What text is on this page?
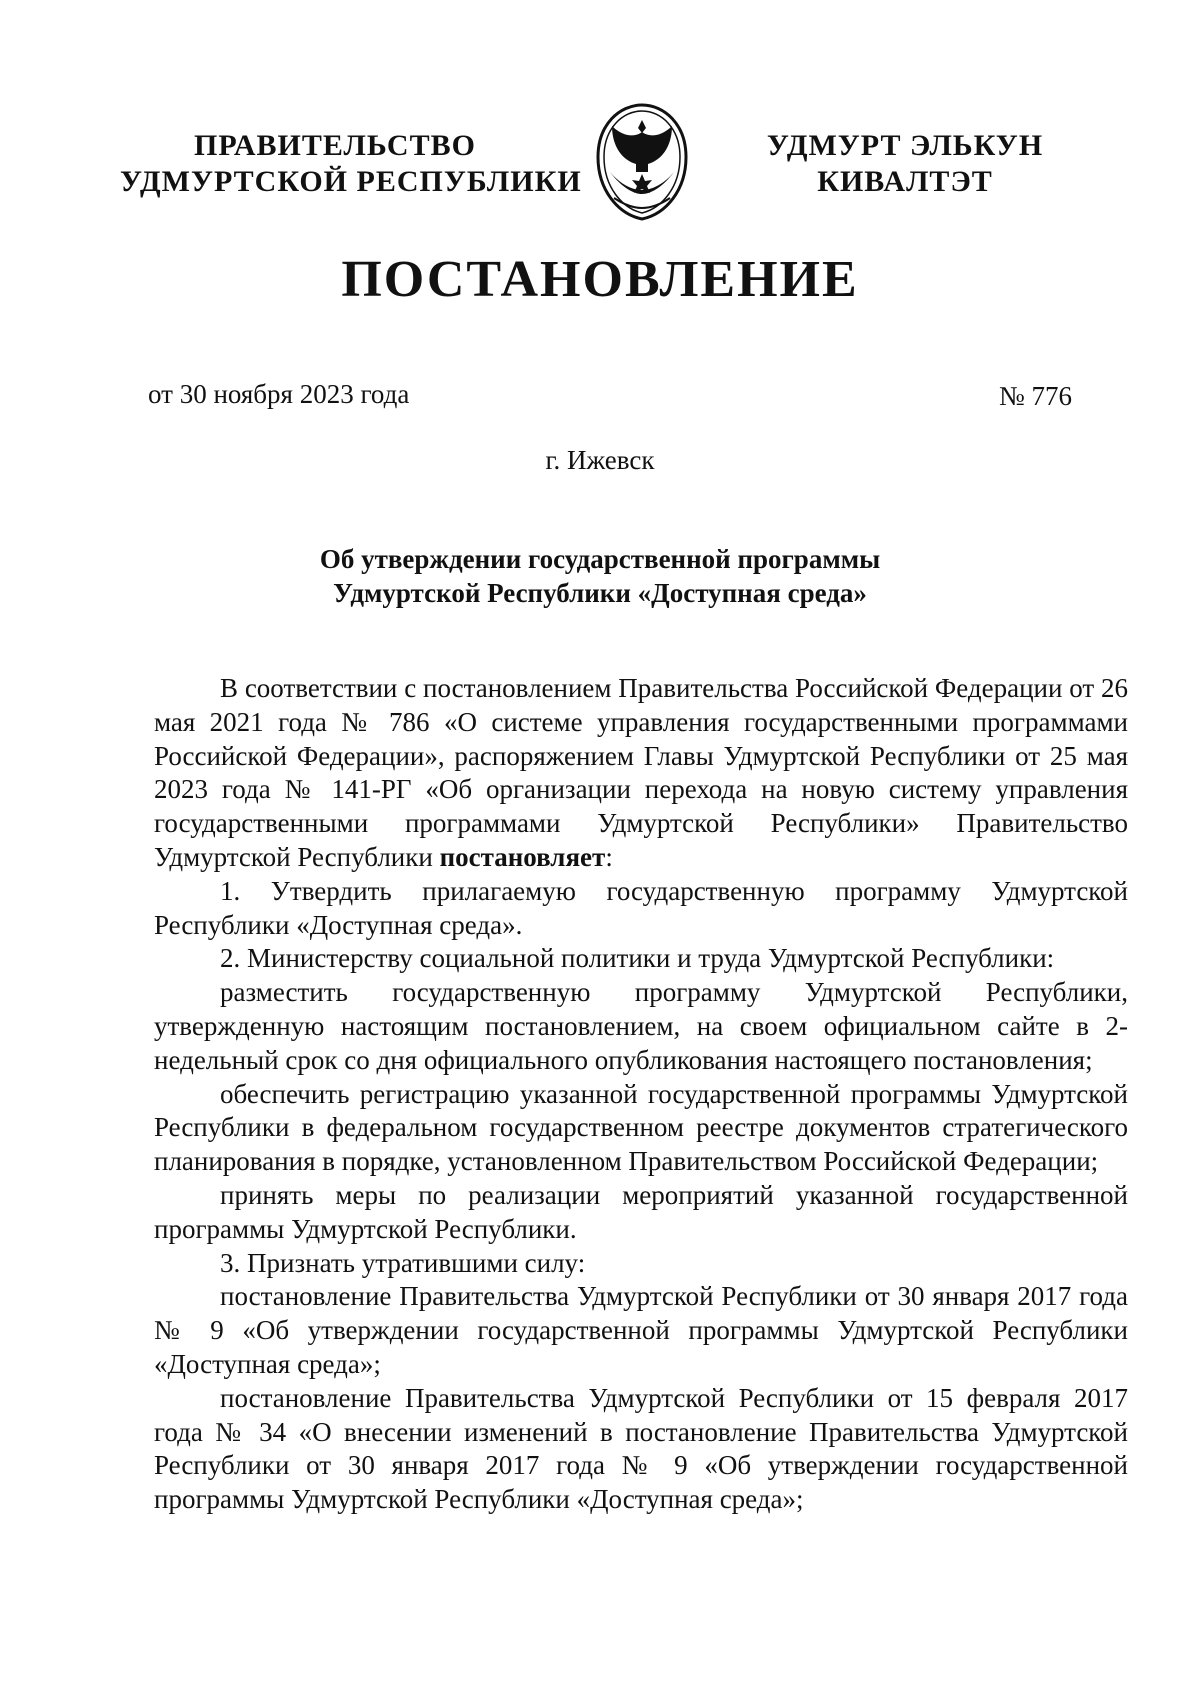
ПРАВИТЕЛЬСТВО
УДМУРТСКОЙ РЕСПУБЛИКИ
УДМУРТ ЭЛЬКУН
КИВАЛТЭТ
ПОСТАНОВЛЕНИЕ
от 30 ноября 2023 года	№ 776
г. Ижевск
Об утверждении государственной программы
Удмуртской Республики «Доступная среда»

В соответствии с постановлением Правительства Российской Федерации от 26 мая 2021 года № 786 «О системе управления государственными программами Российской Федерации», распоряжением Главы Удмуртской Республики от 25 мая 2023 года № 141-РГ «Об организации перехода на новую систему управления государственными программами Удмуртской Республики» Правительство Удмуртской Республики постановляет:

1. Утвердить прилагаемую государственную программу Удмуртской Республики «Доступная среда».

2. Министерству социальной политики и труда Удмуртской Республики:

разместить государственную программу Удмуртской Республики, утвержденную настоящим постановлением, на своем официальном сайте в 2-недельный срок со дня официального опубликования настоящего постановления;

обеспечить регистрацию указанной государственной программы Удмуртской Республики в федеральном государственном реестре документов стратегического планирования в порядке, установленном Правительством Российской Федерации;

принять меры по реализации мероприятий указанной государственной программы Удмуртской Республики.

3. Признать утратившими силу:

постановление Правительства Удмуртской Республики от 30 января 2017 года № 9 «Об утверждении государственной программы Удмуртской Республики «Доступная среда»;

постановление Правительства Удмуртской Республики от 15 февраля 2017 года № 34 «О внесении изменений в постановление Правительства Удмуртской Республики от 30 января 2017 года № 9 «Об утверждении государственной программы Удмуртской Республики «Доступная среда»;
